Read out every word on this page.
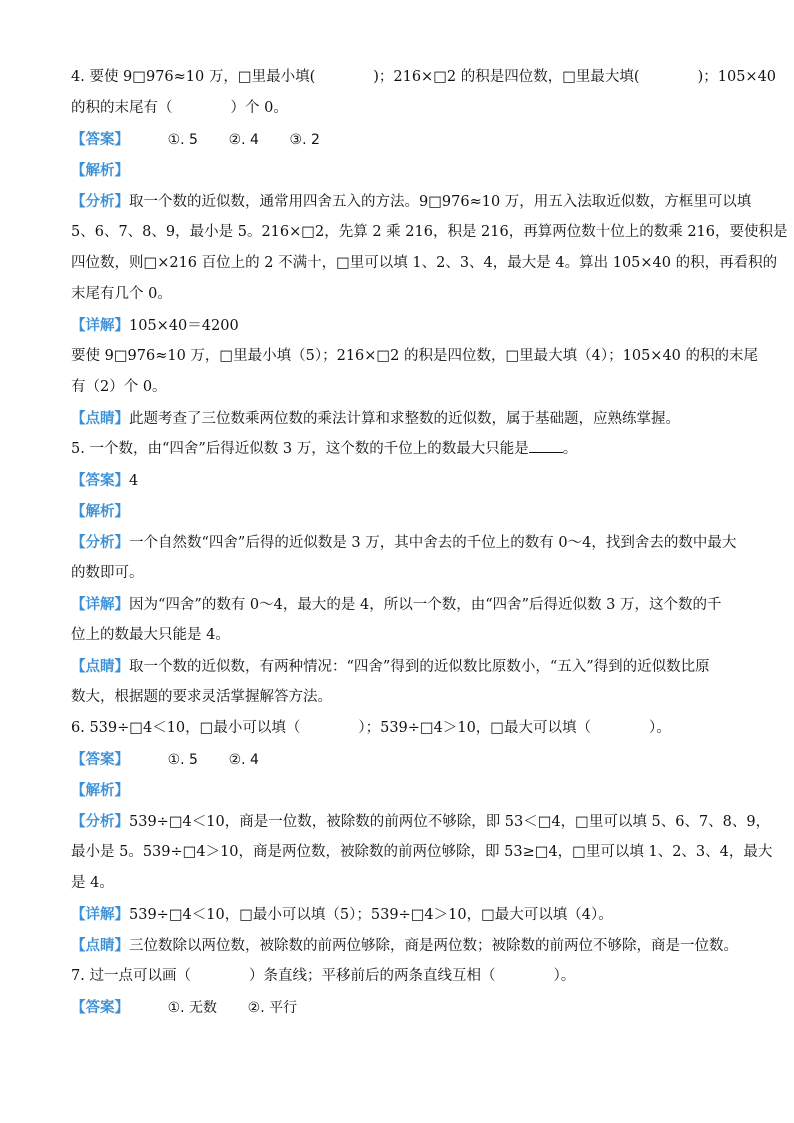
4. 要使 9□976≈10 万，□里最小填(　　　　)；216×□2 的积是四位数，□里最大填(　　　　)；105×40
的积的末尾有（　　　　）个 0。
【答案】	①. 5 ②. 4 ③. 2
【解析】
【分析】取一个数的近似数，通常用四舍五入的方法。9□976≈10 万，用五入法取近似数，方框里可以填
5、6、7、8、9，最小是 5。216×□2，先算 2 乘 216，积是 216，再算两位数十位上的数乘 216，要使积是
四位数，则□×216 百位上的 2 不满十，□里可以填 1、2、3、4，最大是 4。算出 105×40 的积，再看积的
末尾有几个 0。
【详解】105×40＝4200
要使 9□976≈10 万，□里最小填（5）；216×□2 的积是四位数，□里最大填（4）；105×40 的积的末尾
有（2）个 0。
【点睛】此题考查了三位数乘两位数的乘法计算和求整数的近似数，属于基础题，应熟练掌握。
5. 一个数，由“四舍”后得近似数 3 万，这个数的千位上的数最大只能是 。
【答案】4
【解析】
【分析】一个自然数“四舍”后得的近似数是 3 万，其中舍去的千位上的数有 0～4，找到舍去的数中最大
的数即可。
【详解】因为“四舍”的数有 0～4，最大的是 4，所以一个数，由“四舍”后得近似数 3 万，这个数的千
位上的数最大只能是 4。
【点睛】取一个数的近似数，有两种情况：“四舍”得到的近似数比原数小，“五入”得到的近似数比原
数大，根据题的要求灵活掌握解答方法。
6. 539÷□4＜10，□最小可以填（　　　　）；539÷□4＞10，□最大可以填（　　　　）。
【答案】	①. 5 ②. 4
【解析】
【分析】539÷□4＜10，商是一位数，被除数的前两位不够除，即 53＜□4，□里可以填 5、6、7、8、9，
最小是 5。539÷□4＞10，商是两位数，被除数的前两位够除，即 53≥□4，□里可以填 1、2、3、4，最大
是 4。
【详解】539÷□4＜10，□最小可以填（5）；539÷□4＞10，□最大可以填（4）。
【点睛】三位数除以两位数，被除数的前两位够除，商是两位数；被除数的前两位不够除，商是一位数。
7. 过一点可以画（　　　　）条直线；平移前后的两条直线互相（　　　　）。
【答案】	①. 无数 ②. 平行
